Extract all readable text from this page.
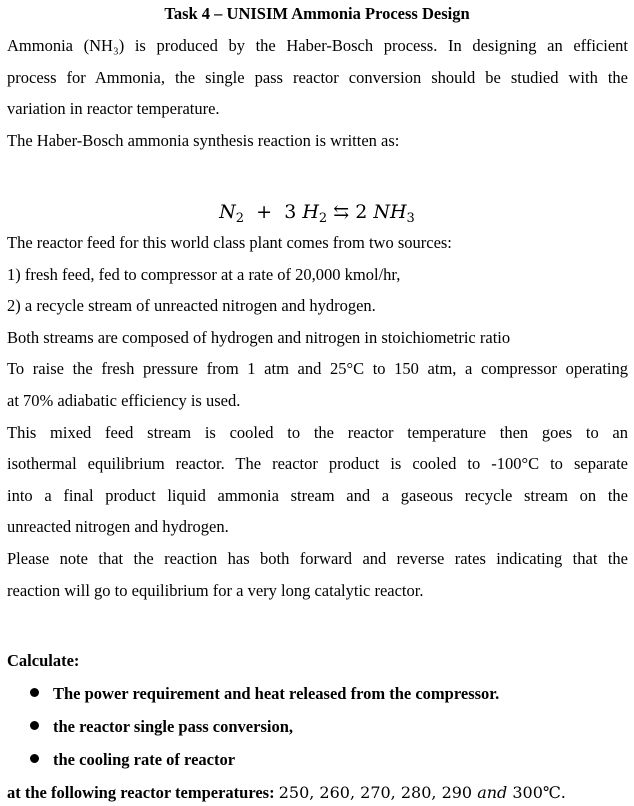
Task 4 – UNISIM Ammonia Process Design
Ammonia (NH₃) is produced by the Haber-Bosch process. In designing an efficient
process for Ammonia, the single pass reactor conversion should be studied with the
variation in reactor temperature.
The Haber-Bosch ammonia synthesis reaction is written as:
$N_2 + 3$ $H_2$ ⇆ 2 $NH_3$
The reactor feed for this world class plant comes from two sources:
1) fresh feed, fed to compressor at a rate of 20,000 kmol/hr,
2) a recycle stream of unreacted nitrogen and hydrogen.
Both streams are composed of hydrogen and nitrogen in stoichiometric ratio
To raise the fresh pressure from 1 atm and 25°C to 150 atm, a compressor operating
at 70% adiabatic efficiency is used.
This mixed feed stream is cooled to the reactor temperature then goes to an
isothermal equilibrium reactor. The reactor product is cooled to -100°C to separate
into a final product liquid ammonia stream and a gaseous recycle stream on the
unreacted nitrogen and hydrogen.
Please note that the reaction has both forward and reverse rates indicating that the
reaction will go to equilibrium for a very long catalytic reactor.
Calculate:
The power requirement and heat released from the compressor.
the reactor single pass conversion,
the cooling rate of reactor
at the following reactor temperatures: 250, 260, 270, 280, 290 and 300℃.
